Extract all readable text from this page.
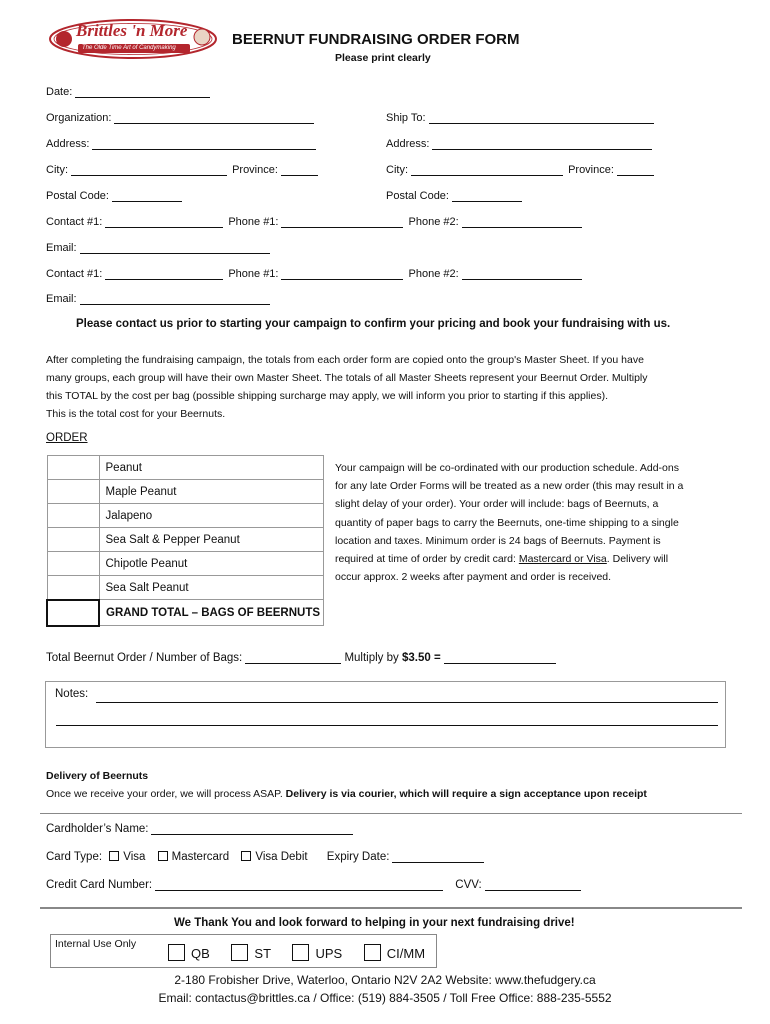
Brittles 'n More
The Olde Time Art of Candymaking	BEERNUT FUNDRAISING ORDER FORM
Please print clearly
Date:
Organization:	Ship To:
Address:	Address:
City:	Province:	City:	Province:
Postal Code:	Postal Code:
Contact #1:	Phone #1:	Phone #2:
Email:
Contact #1:	Phone #1:	Phone #2:
Email:
Please contact us prior to starting your campaign to confirm your pricing and book your fundraising with us.
After completing the fundraising campaign, the totals from each order form are copied onto the group's Master Sheet. If you have
many groups, each group will have their own Master Sheet. The totals of all Master Sheets represent your Beernut Order. Multiply
this TOTAL by the cost per bag (possible shipping surcharge may apply, we will inform you prior to starting if this applies).
This is the total cost for your Beernuts.
ORDER
	Peanut
	Maple Peanut
	Jalapeno
	Sea Salt & Pepper Peanut
	Chipotle Peanut
	Sea Salt Peanut
	GRAND TOTAL – BAGS OF BEERNUTS
Your campaign will be co-ordinated with our production schedule. Add-ons
for any late Order Forms will be treated as a new order (this may result in a
slight delay of your order). Your order will include: bags of Beernuts, a
quantity of paper bags to carry the Beernuts, one-time shipping to a single
location and taxes. Minimum order is 24 bags of Beernuts. Payment is
required at time of order by credit card: Mastercard or Visa. Delivery will
occur approx. 2 weeks after payment and order is received.
Total Beernut Order / Number of Bags:	Multiply by $3.50 =
Notes:
Delivery of Beernuts
Once we receive your order, we will process ASAP. Delivery is via courier, which will require a sign acceptance upon receipt
Cardholder’s Name:
Card Type: Visa Mastercard Visa Debit Expiry Date:
Credit Card Number:	CVV:
We Thank You and look forward to helping in your next fundraising drive!
Internal Use Only
QB	ST	UPS	CI/MM
2-180 Frobisher Drive, Waterloo, Ontario N2V 2A2 Website: www.thefudgery.ca
Email: contactus@brittles.ca / Office: (519) 884-3505 / Toll Free Office: 888-235-5552
